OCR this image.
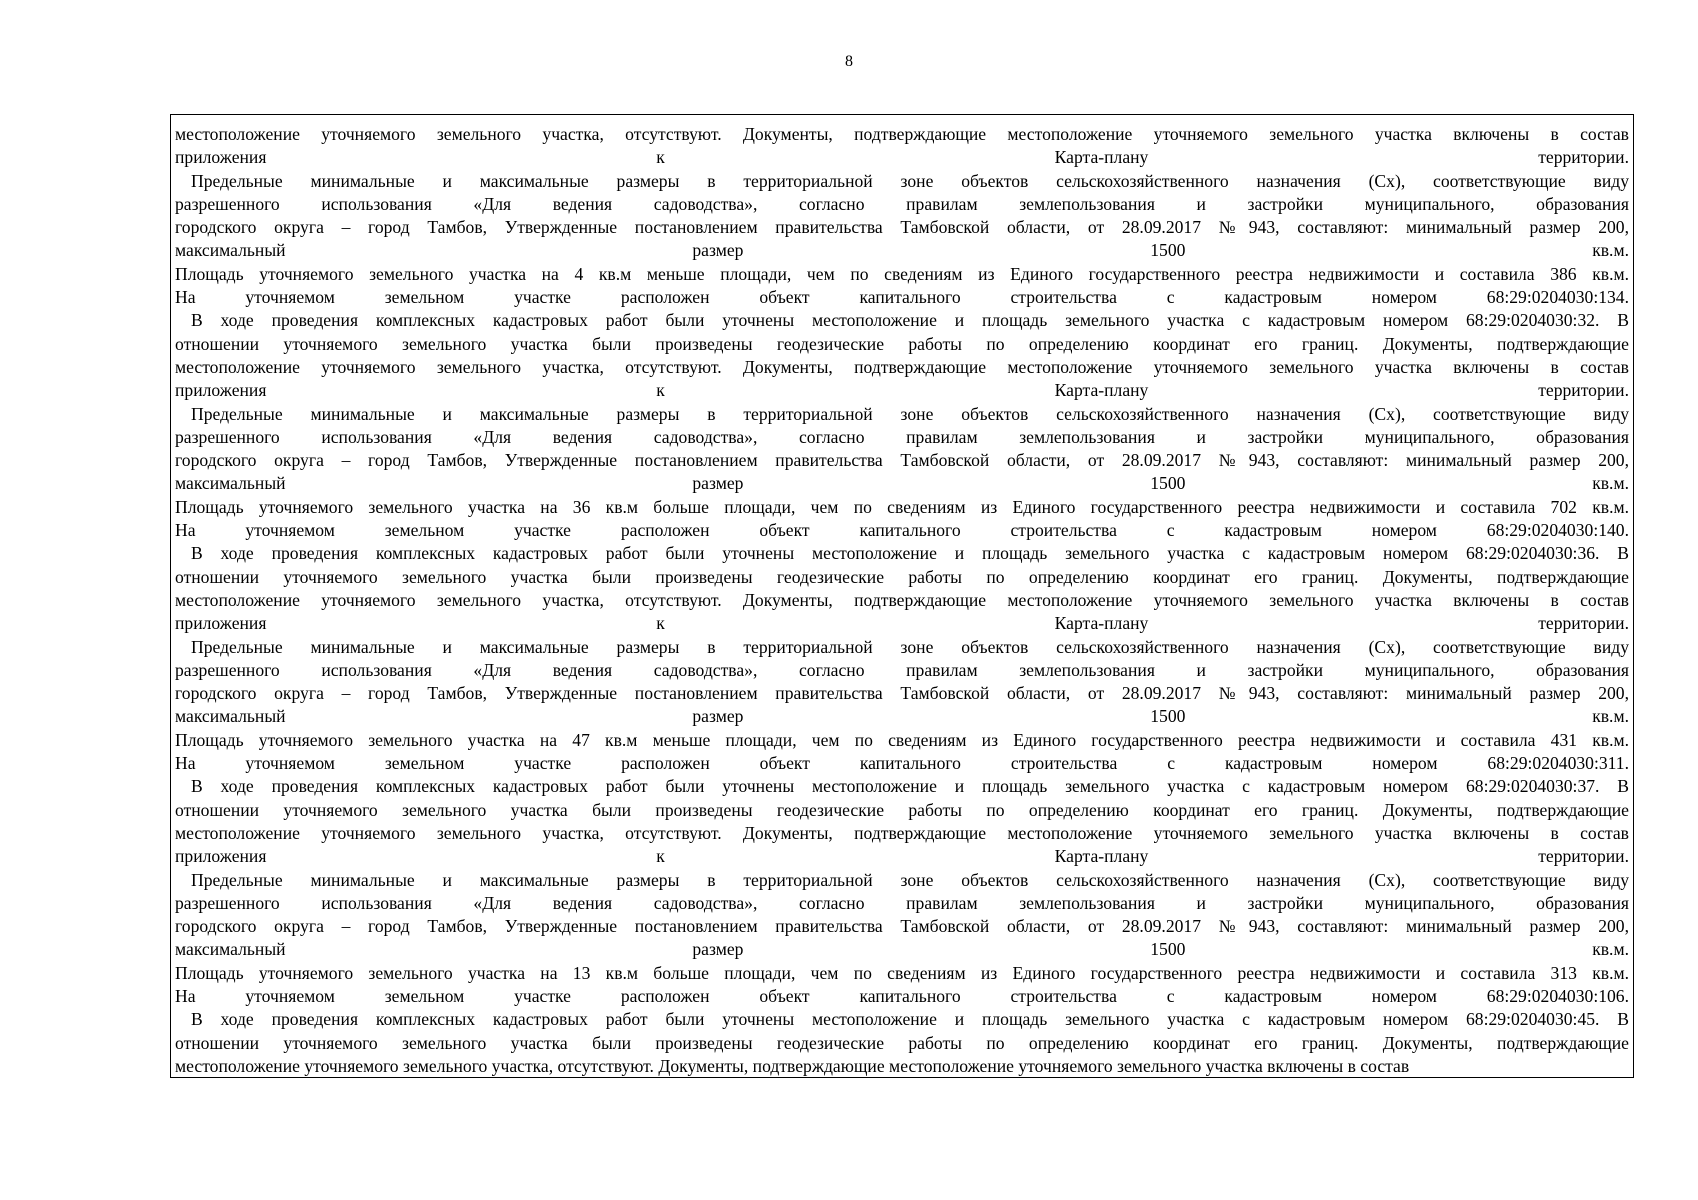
8
местоположение уточняемого земельного участка, отсутствуют. Документы, подтверждающие местоположение уточняемого земельного участка включены в состав
приложения к Карта-плану территории.
Предельные минимальные и максимальные размеры в территориальной зоне объектов сельскохозяйственного назначения (Сх), соответствующие виду
разрешенного использования «Для ведения садоводства», согласно правилам землепользования и застройки муниципального, образования
городского округа – город Тамбов, Утвержденные постановлением правительства Тамбовской области, от 28.09.2017 №943, составляют: минимальный размер 200,
максимальный размер 1500 кв.м.
Площадь уточняемого земельного участка на 4 кв.м меньше площади, чем по сведениям из Единого государственного реестра недвижимости и составила 386 кв.м.
На уточняемом земельном участке расположен объект капитального строительства с кадастровым номером 68:29:0204030:134.
В ходе проведения комплексных кадастровых работ были уточнены местоположение и площадь земельного участка с кадастровым номером 68:29:0204030:32. В
отношении уточняемого земельного участка были произведены геодезические работы по определению координат его границ. Документы, подтверждающие
местоположение уточняемого земельного участка, отсутствуют. Документы, подтверждающие местоположение уточняемого земельного участка включены в состав
приложения к Карта-плану территории.
Предельные минимальные и максимальные размеры в территориальной зоне объектов сельскохозяйственного назначения (Сх), соответствующие виду
разрешенного использования «Для ведения садоводства», согласно правилам землепользования и застройки муниципального, образования
городского округа – город Тамбов, Утвержденные постановлением правительства Тамбовской области, от 28.09.2017 №943, составляют: минимальный размер 200,
максимальный размер 1500 кв.м.
Площадь уточняемого земельного участка на 36 кв.м больше площади, чем по сведениям из Единого государственного реестра недвижимости и составила 702 кв.м.
На уточняемом земельном участке расположен объект капитального строительства с кадастровым номером 68:29:0204030:140.
В ходе проведения комплексных кадастровых работ были уточнены местоположение и площадь земельного участка с кадастровым номером 68:29:0204030:36. В
отношении уточняемого земельного участка были произведены геодезические работы по определению координат его границ. Документы, подтверждающие
местоположение уточняемого земельного участка, отсутствуют. Документы, подтверждающие местоположение уточняемого земельного участка включены в состав
приложения к Карта-плану территории.
Предельные минимальные и максимальные размеры в территориальной зоне объектов сельскохозяйственного назначения (Сх), соответствующие виду
разрешенного использования «Для ведения садоводства», согласно правилам землепользования и застройки муниципального, образования
городского округа – город Тамбов, Утвержденные постановлением правительства Тамбовской области, от 28.09.2017 №943, составляют: минимальный размер 200,
максимальный размер 1500 кв.м.
Площадь уточняемого земельного участка на 47 кв.м меньше площади, чем по сведениям из Единого государственного реестра недвижимости и составила 431 кв.м.
На уточняемом земельном участке расположен объект капитального строительства с кадастровым номером 68:29:0204030:311.
В ходе проведения комплексных кадастровых работ были уточнены местоположение и площадь земельного участка с кадастровым номером 68:29:0204030:37. В
отношении уточняемого земельного участка были произведены геодезические работы по определению координат его границ. Документы, подтверждающие
местоположение уточняемого земельного участка, отсутствуют. Документы, подтверждающие местоположение уточняемого земельного участка включены в состав
приложения к Карта-плану территории.
Предельные минимальные и максимальные размеры в территориальной зоне объектов сельскохозяйственного назначения (Сх), соответствующие виду
разрешенного использования «Для ведения садоводства», согласно правилам землепользования и застройки муниципального, образования
городского округа – город Тамбов, Утвержденные постановлением правительства Тамбовской области, от 28.09.2017 №943, составляют: минимальный размер 200,
максимальный размер 1500 кв.м.
Площадь уточняемого земельного участка на 13 кв.м больше площади, чем по сведениям из Единого государственного реестра недвижимости и составила 313 кв.м.
На уточняемом земельном участке расположен объект капитального строительства с кадастровым номером 68:29:0204030:106.
В ходе проведения комплексных кадастровых работ были уточнены местоположение и площадь земельного участка с кадастровым номером 68:29:0204030:45. В
отношении уточняемого земельного участка были произведены геодезические работы по определению координат его границ. Документы, подтверждающие
местоположение уточняемого земельного участка, отсутствуют. Документы, подтверждающие местоположение уточняемого земельного участка включены в состав
